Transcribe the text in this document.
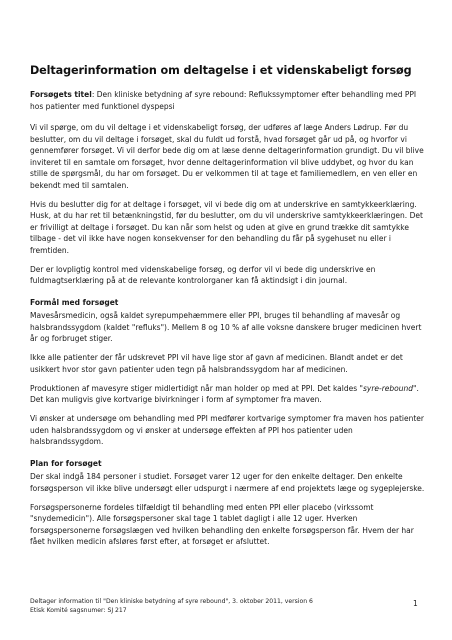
Deltagerinformation om deltagelse i et videnskabeligt forsøg

Forsøgets titel: Den kliniske betydning af syre rebound: Reflukssymptomer efter behandling med PPI hos patienter med funktionel dyspepsi

Vi vil spørge, om du vil deltage i et videnskabeligt forsøg, der udføres af læge Anders Lødrup. Før du beslutter, om du vil deltage i forsøget, skal du fuldt ud forstå, hvad forsøget går ud på, og hvorfor vi gennemfører forsøget. Vi vil derfor bede dig om at læse denne deltagerinformation grundigt. Du vil blive inviteret til en samtale om forsøget, hvor denne deltagerinformation vil blive uddybet, og hvor du kan stille de spørgsmål, du har om forsøget. Du er velkommen til at tage et familiemedlem, en ven eller en bekendt med til samtalen.

Hvis du beslutter dig for at deltage i forsøget, vil vi bede dig om at underskrive en samtykkeerklæring. Husk, at du har ret til betænkningstid, før du beslutter, om du vil underskrive samtykkeerklæringen. Det er frivilligt at deltage i forsøget. Du kan når som helst og uden at give en grund trække dit samtykke tilbage - det vil ikke have nogen konsekvenser for den behandling du får på sygehuset nu eller i fremtiden.

Der er lovpligtig kontrol med videnskabelige forsøg, og derfor vil vi bede dig underskrive en fuldmagtserklæring på at de relevante kontrolorganer kan få aktindsigt i din journal.

Formål med forsøget

Mavesårsmedicin, også kaldet syrepumpehæmmere eller PPI, bruges til behandling af mavesår og halsbrandssygdom (kaldet "refluks"). Mellem 8 og 10 % af alle voksne danskere bruger medicinen hvert år og forbruget stiger.

Ikke alle patienter der får udskrevet PPI vil have lige stor af gavn af medicinen. Blandt andet er det usikkert hvor stor gavn patienter uden tegn på halsbrandssygdom har af medicinen.

Produktionen af mavesyre stiger midlertidigt når man holder op med at PPI. Det kaldes "syre-rebound". Det kan muligvis give kortvarige bivirkninger i form af symptomer fra maven.

Vi ønsker at undersøge om behandling med PPI medfører kortvarige symptomer fra maven hos patienter uden halsbrandssygdom og vi ønsker at undersøge effekten af PPI hos patienter uden halsbrandssygdom.

Plan for forsøget

Der skal indgå 184 personer i studiet. Forsøget varer 12 uger for den enkelte deltager. Den enkelte forsøgsperson vil ikke blive undersøgt eller udspurgt i nærmere af end projektets læge og sygeplejerske.

Forsøgspersonerne fordeles tilfældigt til behandling med enten PPI eller placebo (virkssomt "snydemedicin"). Alle forsøgspersoner skal tage 1 tablet dagligt i alle 12 uger. Hverken forsøgspersonerne forsøgslægen ved hvilken behandling den enkelte forsøgsperson får. Hvem der har fået hvilken medicin afsløres først efter, at forsøget er afsluttet.

Deltager information til "Den kliniske betydning af syre rebound", 3. oktober 2011, version 6
Etisk Komité sagsnumer: SJ 217
1
